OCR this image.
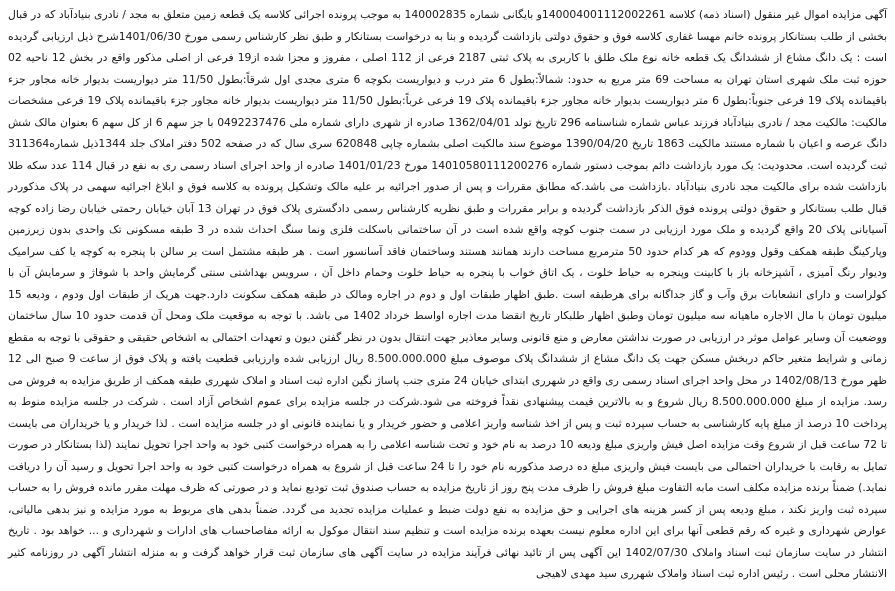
آگهی مزایده اموال غیر منقول (اسناد ذمه) کلاسه 140004001112002261و بایگانی شماره 140002835 به موجب پرونده اجرائی کلاسه یک قطعه زمین متعلق به مجد / نادری بنیادآباد که در قبال بخشی از طلب بستانکار پرونده خانم مهسا غفاری کلاسه فوق و حقوق دولتی بازداشت گردیده و بنا به درخواست بستانکار و طبق نظر کارشناس رسمی مورخ 1401/06/30شرح ذیل ارزیابی گردیده است : یک دانگ مشاع از ششدانگ یک قطعه خانه نوع ملک طلق با کاربری به پلاک ثبتی 2187 فرعی از 112 اصلی ، مفروز و مجزا شده از19 فرعی از اصلی مذکور واقع در بخش 12 ناحیه 02 حوزه ثبت ملک شهری استان تهران به مساحت 69 متر مربع به حدود: شمالاً:بطول 6 متر درب و دیواریست بکوچه 6 متری مجدی اول شرقاً:بطول 11/50 متر دیواریست بدیوار خانه مجاور جزء باقیمانده پلاک 19 فرعی جنوباً:بطول 6 متر دیواریست بدیوار خانه مجاور جزء باقیمانده پلاک 19 فرعی غرباً:بطول 11/50 متر دیواریست بدیوار خانه مجاور جزء باقیمانده پلاک 19 فرعی مشخصات مالکیت: مالکیت مجد / نادری بنیادآباد فرزند عباس شماره شناسنامه 296 تاریخ تولد 1362/04/01 صادره از شهری دارای شماره ملی 0492237476 با جز سهم 6 از کل سهم 6 بعنوان مالک شش دانگ عرصه و اعیان با شماره مستند مالکیت 1863 تاریخ 1390/04/20 موضوع سند مالکیت اصلی بشماره چاپی 620848 سری سال که در صفحه 502 دفتر املاک جلد 1344ذیل شماره311364 ثبت گردیده است. محدودیت: یک مورد بازداشت دائم بموجب دستور شماره 14010580111200276 مورخ 1401/01/23 صادره از واحد اجرای اسناد رسمی ری به نفع در قبال 114 عدد سکه طلا بازداشت شده برای مالکیت مجد نادری بنیادآباد .بازداشت می باشد.که مطابق مقررات و پس از صدور اجرائیه بر علیه مالک وتشکیل پرونده به کلاسه فوق و ابلاغ اجرائیه سهمی در پلاک مذکوردر قبال طلب بستانکار و حقوق دولتی پرونده فوق الذکر بازداشت گردیده و برابر مقررات و طبق نظریه کارشناس رسمی دادگستری پلاک فوق در تهران 13 آبان خیابان رحمتی خیابان رضا زاده کوچه آسیابانی پلاک 20 واقع گردیده و ملک مورد ارزیابی در سمت جنوب کوچه واقع شده است در آن ساختمانی باسکلت فلزی ونما سنگ احداث شده در 3 طبقه مسکونی تک واحدی بدون زیرزمین وپارکینگ طبقه همکف وقول وودوم که هر کدام حدود 50 مترمربع مساحت دارند همانند هستند وساختمان فاقد آسانسور است . هر طبقه مشتمل است بر سالن با پنجره به کوچه یا کف سرامیک ودیوار رنگ آمیزی ، آشپزخانه باز با کابینت وپنجره به حیاط خلوت ، یک اتاق خواب با پنجره به حیاط خلوت وحمام داخل آن ، سرویس بهداشتی سنتی گرمایش واحد با شوفاژ و سرمایش آن با کولراست و دارای انشعابات برق وآب و گاز جداگانه برای هرطبقه است .طبق اظهار طبقات اول و دوم در اجاره ومالک در طبقه همکف سکونت دارد.جهت هریک از طبقات اول ودوم ، ودیعه 15 میلیون تومان با مال الاجاره ماهیانه سه میلیون تومان وطبق اظهار طلبکار تاریخ انقضا مدت اجاره اواسط خرداد 1402 می باشد. با توجه به موقعیت ملک ومحل آن قدمت حدود 10 سال ساختمان ووضعیت آن وسایر عوامل موثر در ارزیابی در صورت نداشتن معارض و منع قانونی وسایر معاذیر جهت انتقال بدون در نظر گفتن دیون و تعهدات احتمالی به اشخاص حقیقی و حقوقی با توجه به مقطع زمانی و شرایط متغیر حاکم دربخش مسکن جهت یک دانگ مشاع از ششدانگ پلاک موصوف مبلغ 8.500.000.000 ریال ارزیابی شده وارزیابی قطعیت یافته و پلاک فوق از ساعت 9 صبح الی 12 ظهر مورخ 1402/08/13 در محل واحد اجرای اسناد رسمی ری واقع در شهرری ابتدای خیابان 24 متری جنب پاساژ نگین اداره ثبت اسناد و املاک شهرری طبقه همکف از طریق مزایده به فروش می رسد. مزایده از مبلغ 8.500.000.000 ریال شروع و به بالاترین قیمت پیشنهادی نقداً فروخته می شود.شرکت در جلسه مزایده برای عموم اشخاص آزاد است . شرکت در جلسه مزایده منوط به پرداخت 10 درصد از مبلغ پایه کارشناسی به حساب سپرده ثبت و پس از اخذ شناسه واریز اعلامی و حضور خریدار و یا نماینده قانونی او در جلسه مزایده است . لذا خریدار و یا خریداران می بایست تا 72 ساعت قبل از شروع وقت مزایده اصل فیش واریزی مبلغ ودیعه 10 درصد به نام خود و تحت شناسه اعلامی را به همراه درخواست کتبی خود به واحد اجرا تحویل نمایند (لذا بستانکار در صورت تمایل به رقابت با خریداران احتمالی می بایست فیش واریزی مبلغ ده درصد مذکوربه نام خود را تا 24 ساعت قبل از شروع به همراه درخواست کتبی خود به واحد اجرا تحویل و رسید آن را دریافت نماید.) ضمناً برنده مزایده مکلف است مابه التفاوت مبلغ فروش را ظرف مدت پنج روز از تاریخ مزایده به حساب صندوق ثبت تودیع نماید و در صورتی که ظرف مهلت مقرر مانده فروش را به حساب سپرده ثبت واریز نکند ، مبلغ ودیعه پس از کسر هزینه های اجرایی و حق مزایده به نفع دولت ضبط و عملیات مزایده تجدید می گردد. ضمناً بدهی های مربوط به مورد مزایده و نیز بدهی مالیاتی، عوارض شهرداری و غیره که رقم قطعی آنها برای این اداره معلوم نیست بعهده برنده مزایده است و تنظیم سند انتقال موکول به ارائه مفاصاحساب های ادارات و شهرداری و ... خواهد بود . تاریخ انتشار در سایت سازمان ثبت اسناد واملاک 1402/07/30 این آگهی پس از تائید نهائی فرآیند مزایده در سایت آگهی های سازمان ثبت قرار خواهد گرفت و به منزله انتشار آگهی در روزنامه کثیر الانتشار محلی است . رئیس اداره ثبت اسناد واملاک شهرری سید مهدی لاهیجی
